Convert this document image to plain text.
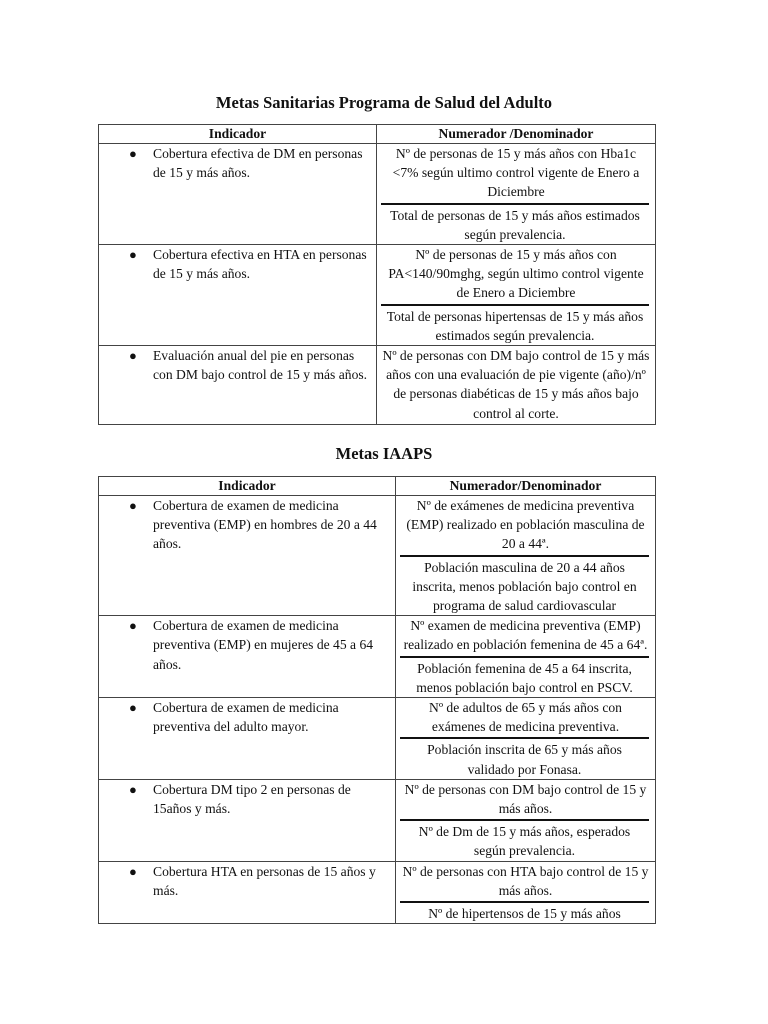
Metas Sanitarias Programa de Salud del Adulto
Indicador	Numerador /Denominador

● Cobertura efectiva de DM en personas de 15 y más años.	Nº de personas de 15 y más años con Hba1c <7% según ultimo control vigente de Enero a Diciembre
Total de personas de 15 y más años estimados según prevalencia.

● Cobertura efectiva en HTA en personas de 15 y más años.	Nº de personas de 15 y más años con PA<140/90mghg, según ultimo control vigente de Enero a Diciembre
Total de personas hipertensas de 15 y más años estimados según prevalencia.

● Evaluación anual del pie en personas con DM bajo control de 15 y más años.	Nº de personas con DM bajo control de 15 y más años con una evaluación de pie vigente (año)/nº de personas diabéticas de 15 y más años bajo control al corte.
Metas IAAPS
Indicador	Numerador/Denominador

● Cobertura de examen de medicina preventiva (EMP) en hombres de 20 a 44 años.	Nº de exámenes de medicina preventiva (EMP) realizado en población masculina de 20 a 44ª.
Población masculina de 20 a 44 años inscrita, menos población bajo control en programa de salud cardiovascular

● Cobertura de examen de medicina preventiva (EMP) en mujeres de 45 a 64 años.	Nº examen de medicina preventiva (EMP) realizado en población femenina de 45 a 64ª.
Población femenina de 45 a 64 inscrita, menos población bajo control en PSCV.

● Cobertura de examen de medicina preventiva del adulto mayor.	Nº de adultos de 65 y más años con exámenes de medicina preventiva.
Población inscrita de 65 y más años validado por Fonasa.

● Cobertura DM tipo 2 en personas de 15años y más.	Nº de personas con DM bajo control de 15 y más años.
Nº de Dm de 15 y más años, esperados según prevalencia.

● Cobertura HTA en personas de 15 años y más.	Nº de personas con HTA bajo control de 15 y más años.
Nº de hipertensos de 15 y más años
